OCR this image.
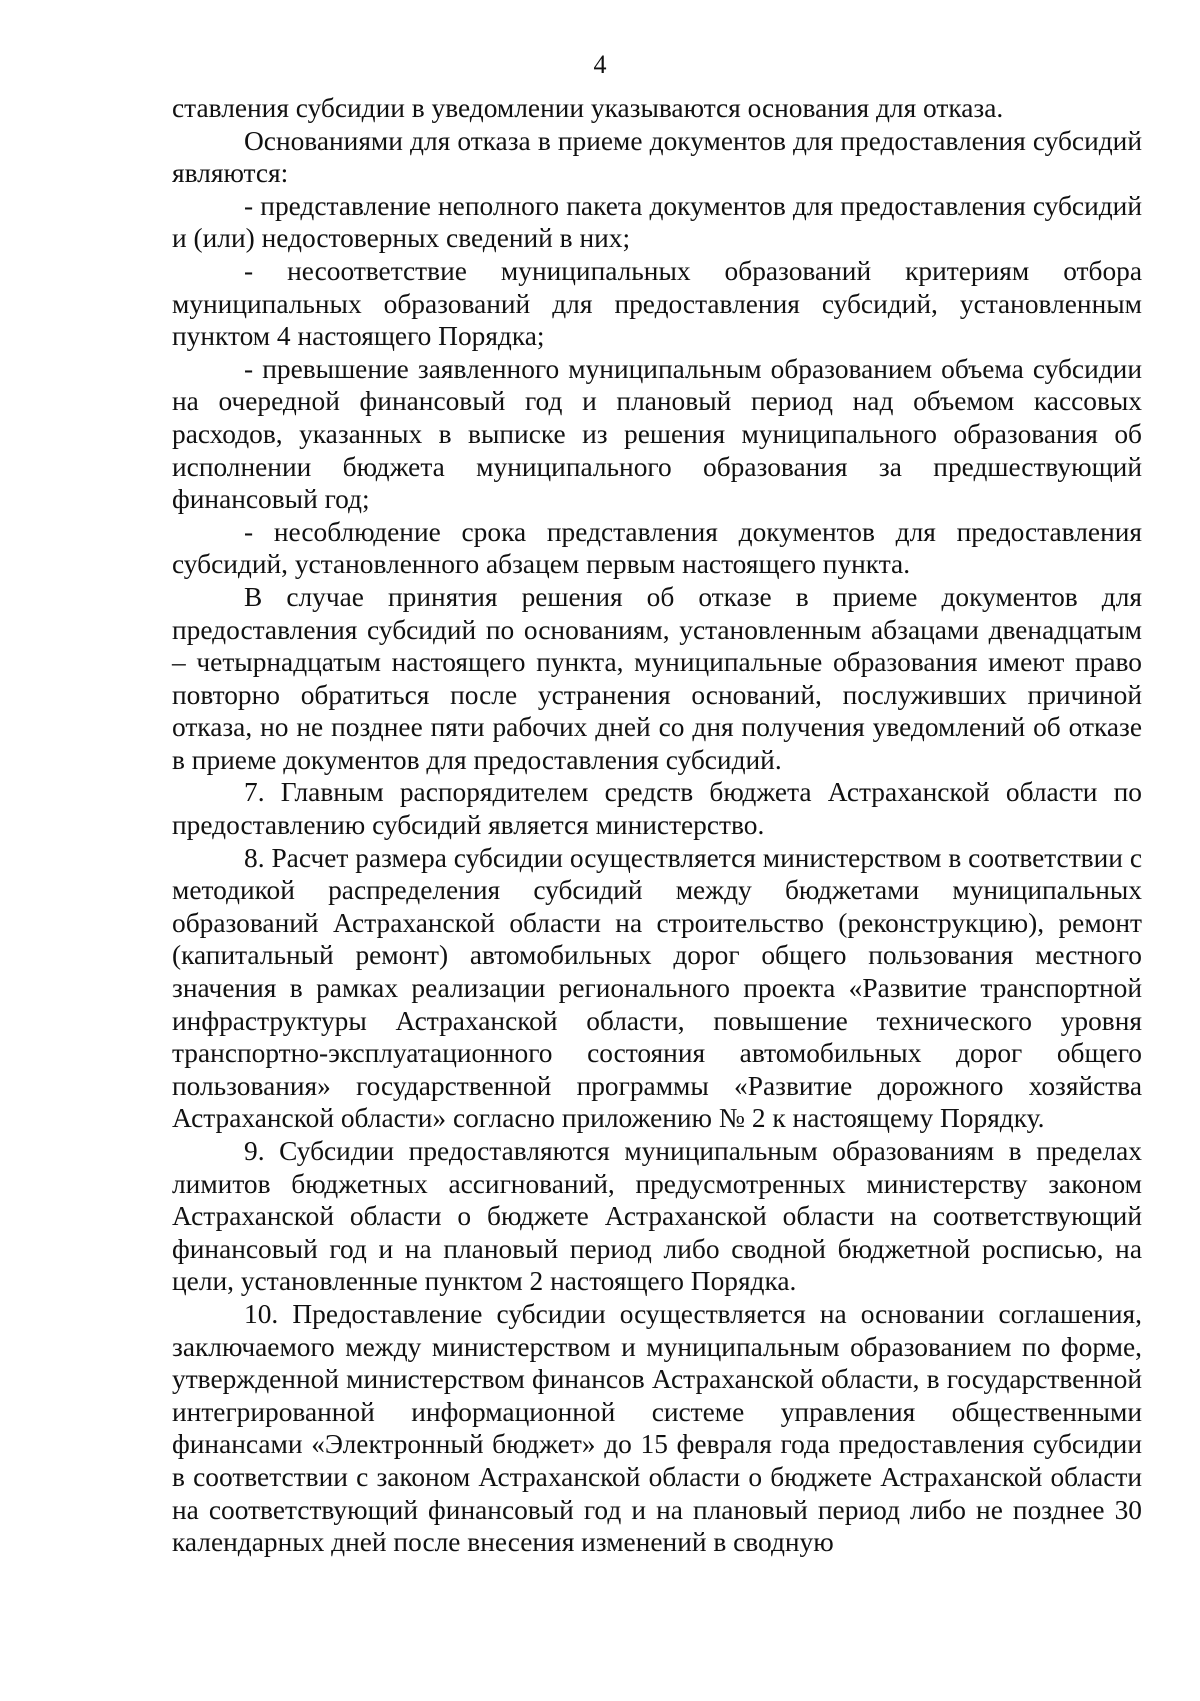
4

ставления субсидии в уведомлении указываются основания для отказа.

Основаниями для отказа в приеме документов для предоставления субсидий являются:

- представление неполного пакета документов для предоставления субсидий и (или) недостоверных сведений в них;

- несоответствие муниципальных образований критериям отбора муниципальных образований для предоставления субсидий, установленным пунктом 4 настоящего Порядка;

- превышение заявленного муниципальным образованием объема субсидии на очередной финансовый год и плановый период над объемом кассовых расходов, указанных в выписке из решения муниципального образования об исполнении бюджета муниципального образования за предшествующий финансовый год;

- несоблюдение срока представления документов для предоставления субсидий, установленного абзацем первым настоящего пункта.

В случае принятия решения об отказе в приеме документов для предоставления субсидий по основаниям, установленным абзацами двенадцатым – четырнадцатым настоящего пункта, муниципальные образования имеют право повторно обратиться после устранения оснований, послуживших причиной отказа, но не позднее пяти рабочих дней со дня получения уведомлений об отказе в приеме документов для предоставления субсидий.

7. Главным распорядителем средств бюджета Астраханской области по предоставлению субсидий является министерство.

8. Расчет размера субсидии осуществляется министерством в соответствии с методикой распределения субсидий между бюджетами муниципальных образований Астраханской области на строительство (реконструкцию), ремонт (капитальный ремонт) автомобильных дорог общего пользования местного значения в рамках реализации регионального проекта «Развитие транспортной инфраструктуры Астраханской области, повышение технического уровня транспортно-эксплуатационного состояния автомобильных дорог общего пользования» государственной программы «Развитие дорожного хозяйства Астраханской области» согласно приложению № 2 к настоящему Порядку.

9. Субсидии предоставляются муниципальным образованиям в пределах лимитов бюджетных ассигнований, предусмотренных министерству законом Астраханской области о бюджете Астраханской области на соответствующий финансовый год и на плановый период либо сводной бюджетной росписью, на цели, установленные пунктом 2 настоящего Порядка.

10. Предоставление субсидии осуществляется на основании соглашения, заключаемого между министерством и муниципальным образованием по форме, утвержденной министерством финансов Астраханской области, в государственной интегрированной информационной системе управления общественными финансами «Электронный бюджет» до 15 февраля года предоставления субсидии в соответствии с законом Астраханской области о бюджете Астраханской области на соответствующий финансовый год и на плановый период либо не позднее 30 календарных дней после внесения изменений в сводную
